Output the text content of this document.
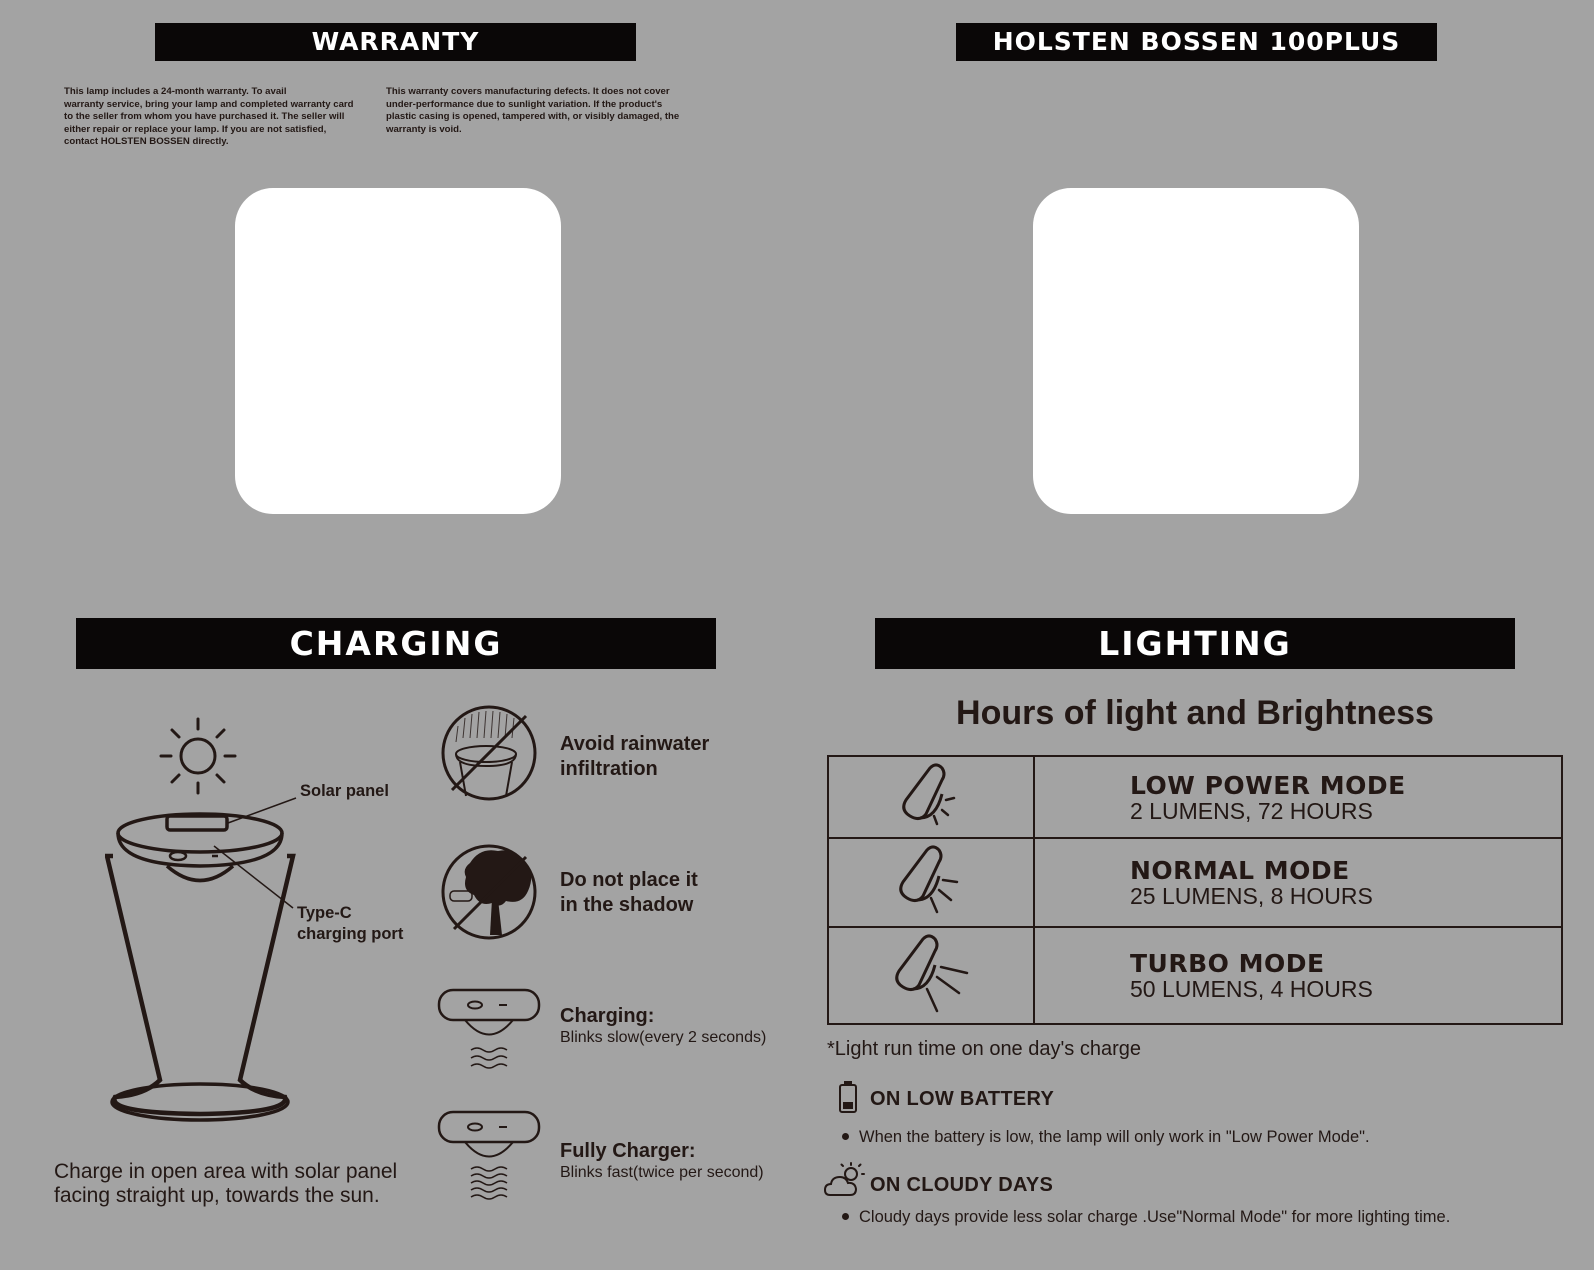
WARRANTY	HOLSTEN BOSSEN 100PLUS
This lamp includes a 24-month warranty. To avail
warranty service, bring your lamp and completed warranty card
to the seller from whom you have purchased it. The seller will
either repair or replace your lamp. If you are not satisfied,
contact HOLSTEN BOSSEN directly.
This warranty covers manufacturing defects. It does not cover
under-performance due to sunlight variation. If the product's
plastic casing is opened, tampered with, or visibly damaged, the
warranty is void.
CHARGING	LIGHTING
Solar panel
Type-C
charging port
Charge in open area with solar panel
facing straight up, towards the sun.
Avoid rainwater
infiltration
Do not place it
in the shadow
Charging:
Blinks slow(every 2 seconds)
Fully Charger:
Blinks fast(twice per second)
Hours of light and Brightness

LOW POWER MODE
2 LUMENS, 72 HOURS

NORMAL MODE
25 LUMENS, 8 HOURS

TURBO MODE
50 LUMENS, 4 HOURS
*Light run time on one day's charge
ON LOW BATTERY
When the battery is low, the lamp will only work in "Low Power Mode".
ON CLOUDY DAYS
Cloudy days provide less solar charge .Use"Normal Mode" for more lighting time.
